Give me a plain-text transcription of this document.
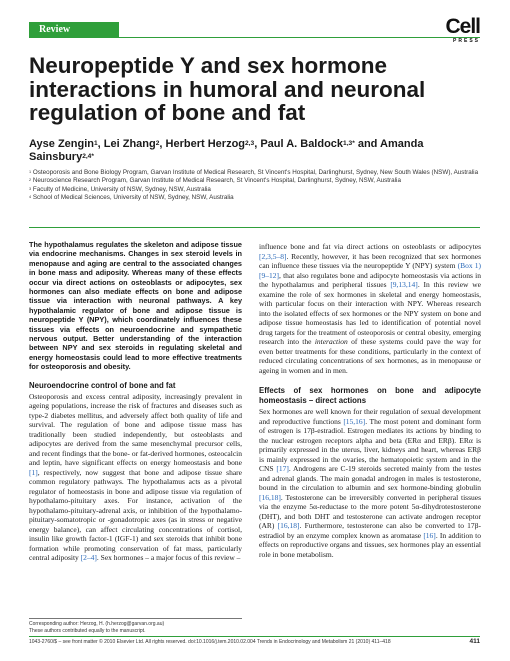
Review	Cell
PRESS
Neuropeptide Y and sex hormone interactions in humoral and neuronal regulation of bone and fat
Ayse Zengin$^1$, Lei Zhang$^2$, Herbert Herzog$^{2,3}$, Paul A. Baldock$^{1,3*}$ and Amanda Sainsbury$^{2,4*}$
$^1$ Osteoporosis and Bone Biology Program, Garvan Institute of Medical Research, St Vincent's Hospital, Darlinghurst, Sydney, New South Wales (NSW), Australia
$^2$ Neuroscience Research Program, Garvan Institute of Medical Research, St Vincent's Hospital, Darlinghurst, Sydney, NSW, Australia
$^3$ Faculty of Medicine, University of NSW, Sydney, NSW, Australia
$^4$ School of Medical Sciences, University of NSW, Sydney, NSW, Australia

The hypothalamus regulates the skeleton and adipose tissue via endocrine mechanisms. Changes in sex steroid levels in menopause and aging are central to the associated changes in bone mass and adiposity. Whereas many of these effects occur via direct actions on osteoblasts or adipocytes, sex hormones can also mediate effects on bone and adipose tissue via interaction with neuronal pathways. A key hypothalamic regulator of bone and adipose tissue is neuropeptide Y (NPY), which coordinately influences these tissues via effects on neuroendocrine and sympathetic nervous output. Better understanding of the interaction between NPY and sex steroids in regulating skeletal and energy homeostasis could lead to more effective treatments for osteoporosis and obesity.

Neuroendocrine control of bone and fat

Osteoporosis and excess central adiposity, increasingly prevalent in ageing populations, increase the risk of fractures and diseases such as type-2 diabetes mellitus, and adversely affect both quality of life and survival. The regulation of bone and adipose tissue mass has traditionally been studied independently, but osteoblasts and adipocytes are derived from the same mesenchymal precursor cells, and recent findings that the bone- or fat-derived hormones, osteocalcin and leptin, have significant effects on energy homeostasis and bone [1], respectively, now suggest that bone and adipose tissue share common regulatory pathways. The hypothalamus acts as a pivotal regulator of homeostasis in bone and adipose tissue via regulation of hypothalamo-pituitary axes. For instance, activation of the hypothalamo-pituitary-adrenal axis, or inhibition of the hypothalamo-pituitary-somatotropic or -gonadotropic axes (as in stress or negative energy balance), can affect circulating concentrations of cortisol, insulin like growth factor-1 (IGF-1) and sex steroids that inhibit bone formation while promoting conservation of fat mass, particularly central adiposity [2–4]. Sex hormones – a major focus of this review –

influence bone and fat via direct actions on osteoblasts or adipocytes [2,3,5–8]. Recently, however, it has been recognized that sex hormones can influence these tissues via the neuropeptide Y (NPY) system (Box 1) [9–12], that also regulates bone and adipocyte homeostasis via actions in the hypothalamus and peripheral tissues [9,13,14]. In this review we examine the role of sex hormones in skeletal and energy homeostasis, with particular focus on their interaction with NPY. Whereas research into the isolated effects of sex hormones or the NPY system on bone and adipose tissue homeostasis has led to identification of potential novel drug targets for the treatment of osteoporosis or central obesity, emerging research into the interaction of these systems could pave the way for even better treatments for these conditions, particularly in the context of reduced circulating concentrations of sex hormones, as in menopause or ageing in women and in men.

Effects of sex hormones on bone and adipocyte homeostasis – direct actions

Sex hormones are well known for their regulation of sexual development and reproductive functions [15,16]. The most potent and dominant form of estrogen is 17β-estradiol. Estrogen mediates its actions by binding to the nuclear estrogen receptors alpha and beta (ERα and ERβ). ERα is primarily expressed in the uterus, liver, kidneys and heart, whereas ERβ is mainly expressed in the ovaries, the hematopoietic system and in the CNS [17]. Androgens are C-19 steroids secreted mainly from the testes and adrenal glands. The main gonadal androgen in males is testosterone, bound in the circulation to albumin and sex hormone-binding globulin [16,18]. Testosterone can be irreversibly converted in peripheral tissues via the enzyme 5α-reductase to the more potent 5α-dihydrotestosterone (DHT), and both DHT and testosterone can activate androgen receptor (AR) [16,18]. Furthermore, testosterone can also be converted to 17β-estradiol by an enzyme complex known as aromatase [16]. In addition to effects on reproductive organs and tissues, sex hormones play an essential role in bone metabolism.

Corresponding author: Herzog, H. (h.herzog@garvan.org.au)
These authors contributed equally to the manuscript.
1043-2760/$ – see front matter © 2010 Elsevier Ltd. All rights reserved. doi:10.1016/j.tem.2010.02.004 Trends in Endocrinology and Metabolism 21 (2010) 411–418	411
